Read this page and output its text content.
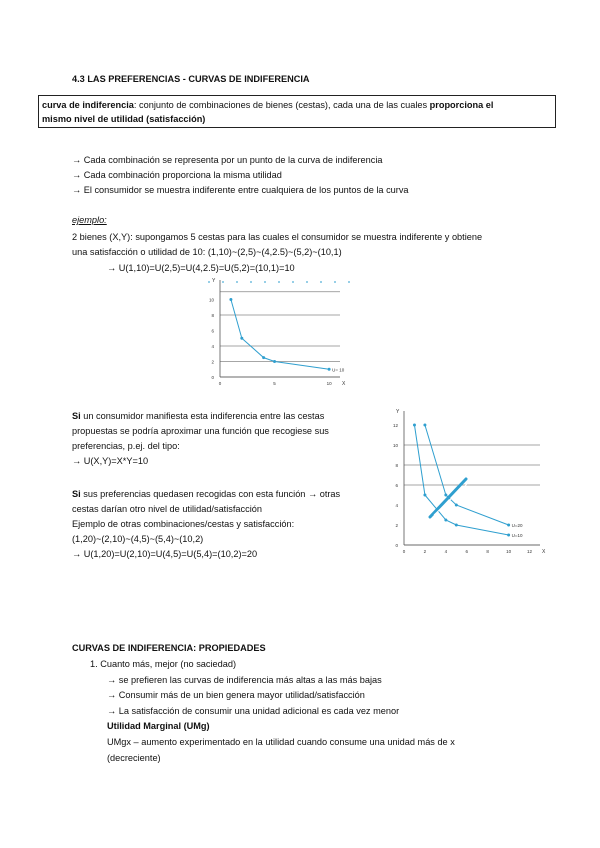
4.3 LAS PREFERENCIAS - CURVAS DE INDIFERENCIA
curva de indiferencia: conjunto de combinaciones de bienes (cestas), cada una de las cuales proporciona el
mismo nivel de utilidad (satisfacción)
→ Cada combinación se representa por un punto de la curva de indiferencia
→ Cada combinación proporciona la misma utilidad
→ El consumidor se muestra indiferente entre cualquiera de los puntos de la curva
ejemplo:
2 bienes (X,Y): supongamos 5 cestas para las cuales el consumidor se muestra indiferente y obtiene
una satisfacción o utilidad de 10: (1,10)~(2,5)~(4,2.5)~(5,2)~(10,1)
→ U(1,10)=U(2,5)=U(4,2.5)=U(5,2)=(10,1)=10
0
2
4
6
8
10
0	5	10
Y
X
U= 10
Si un consumidor manifiesta esta indiferencia entre las cestas
propuestas se podría aproximar una función que recogiese sus
preferencias, p.ej. del tipo:
→ U(X,Y)=X*Y=10
Si sus preferencias quedasen recogidas con esta función → otras
cestas darían otro nivel de utilidad/satisfacción
Ejemplo de otras combinaciones/cestas y satisfacción:
(1,20)~(2,10)~(4,5)~(5,4)~(10,2)
→ U(1,20)=U(2,10)=U(4,5)=U(5,4)=(10,2)=20
0
2
4
6
8
10
12
0	2	4	6	8	10	12
Y
X
U=20
U=10
CURVAS DE INDIFERENCIA: PROPIEDADES
1. Cuanto más, mejor (no saciedad)
→ se prefieren las curvas de indiferencia más altas a las más bajas
→ Consumir más de un bien genera mayor utilidad/satisfacción
→ La satisfacción de consumir una unidad adicional es cada vez menor
Utilidad Marginal (UMg)
UMgx – aumento experimentado en la utilidad cuando consume una unidad más de x
(decreciente)
